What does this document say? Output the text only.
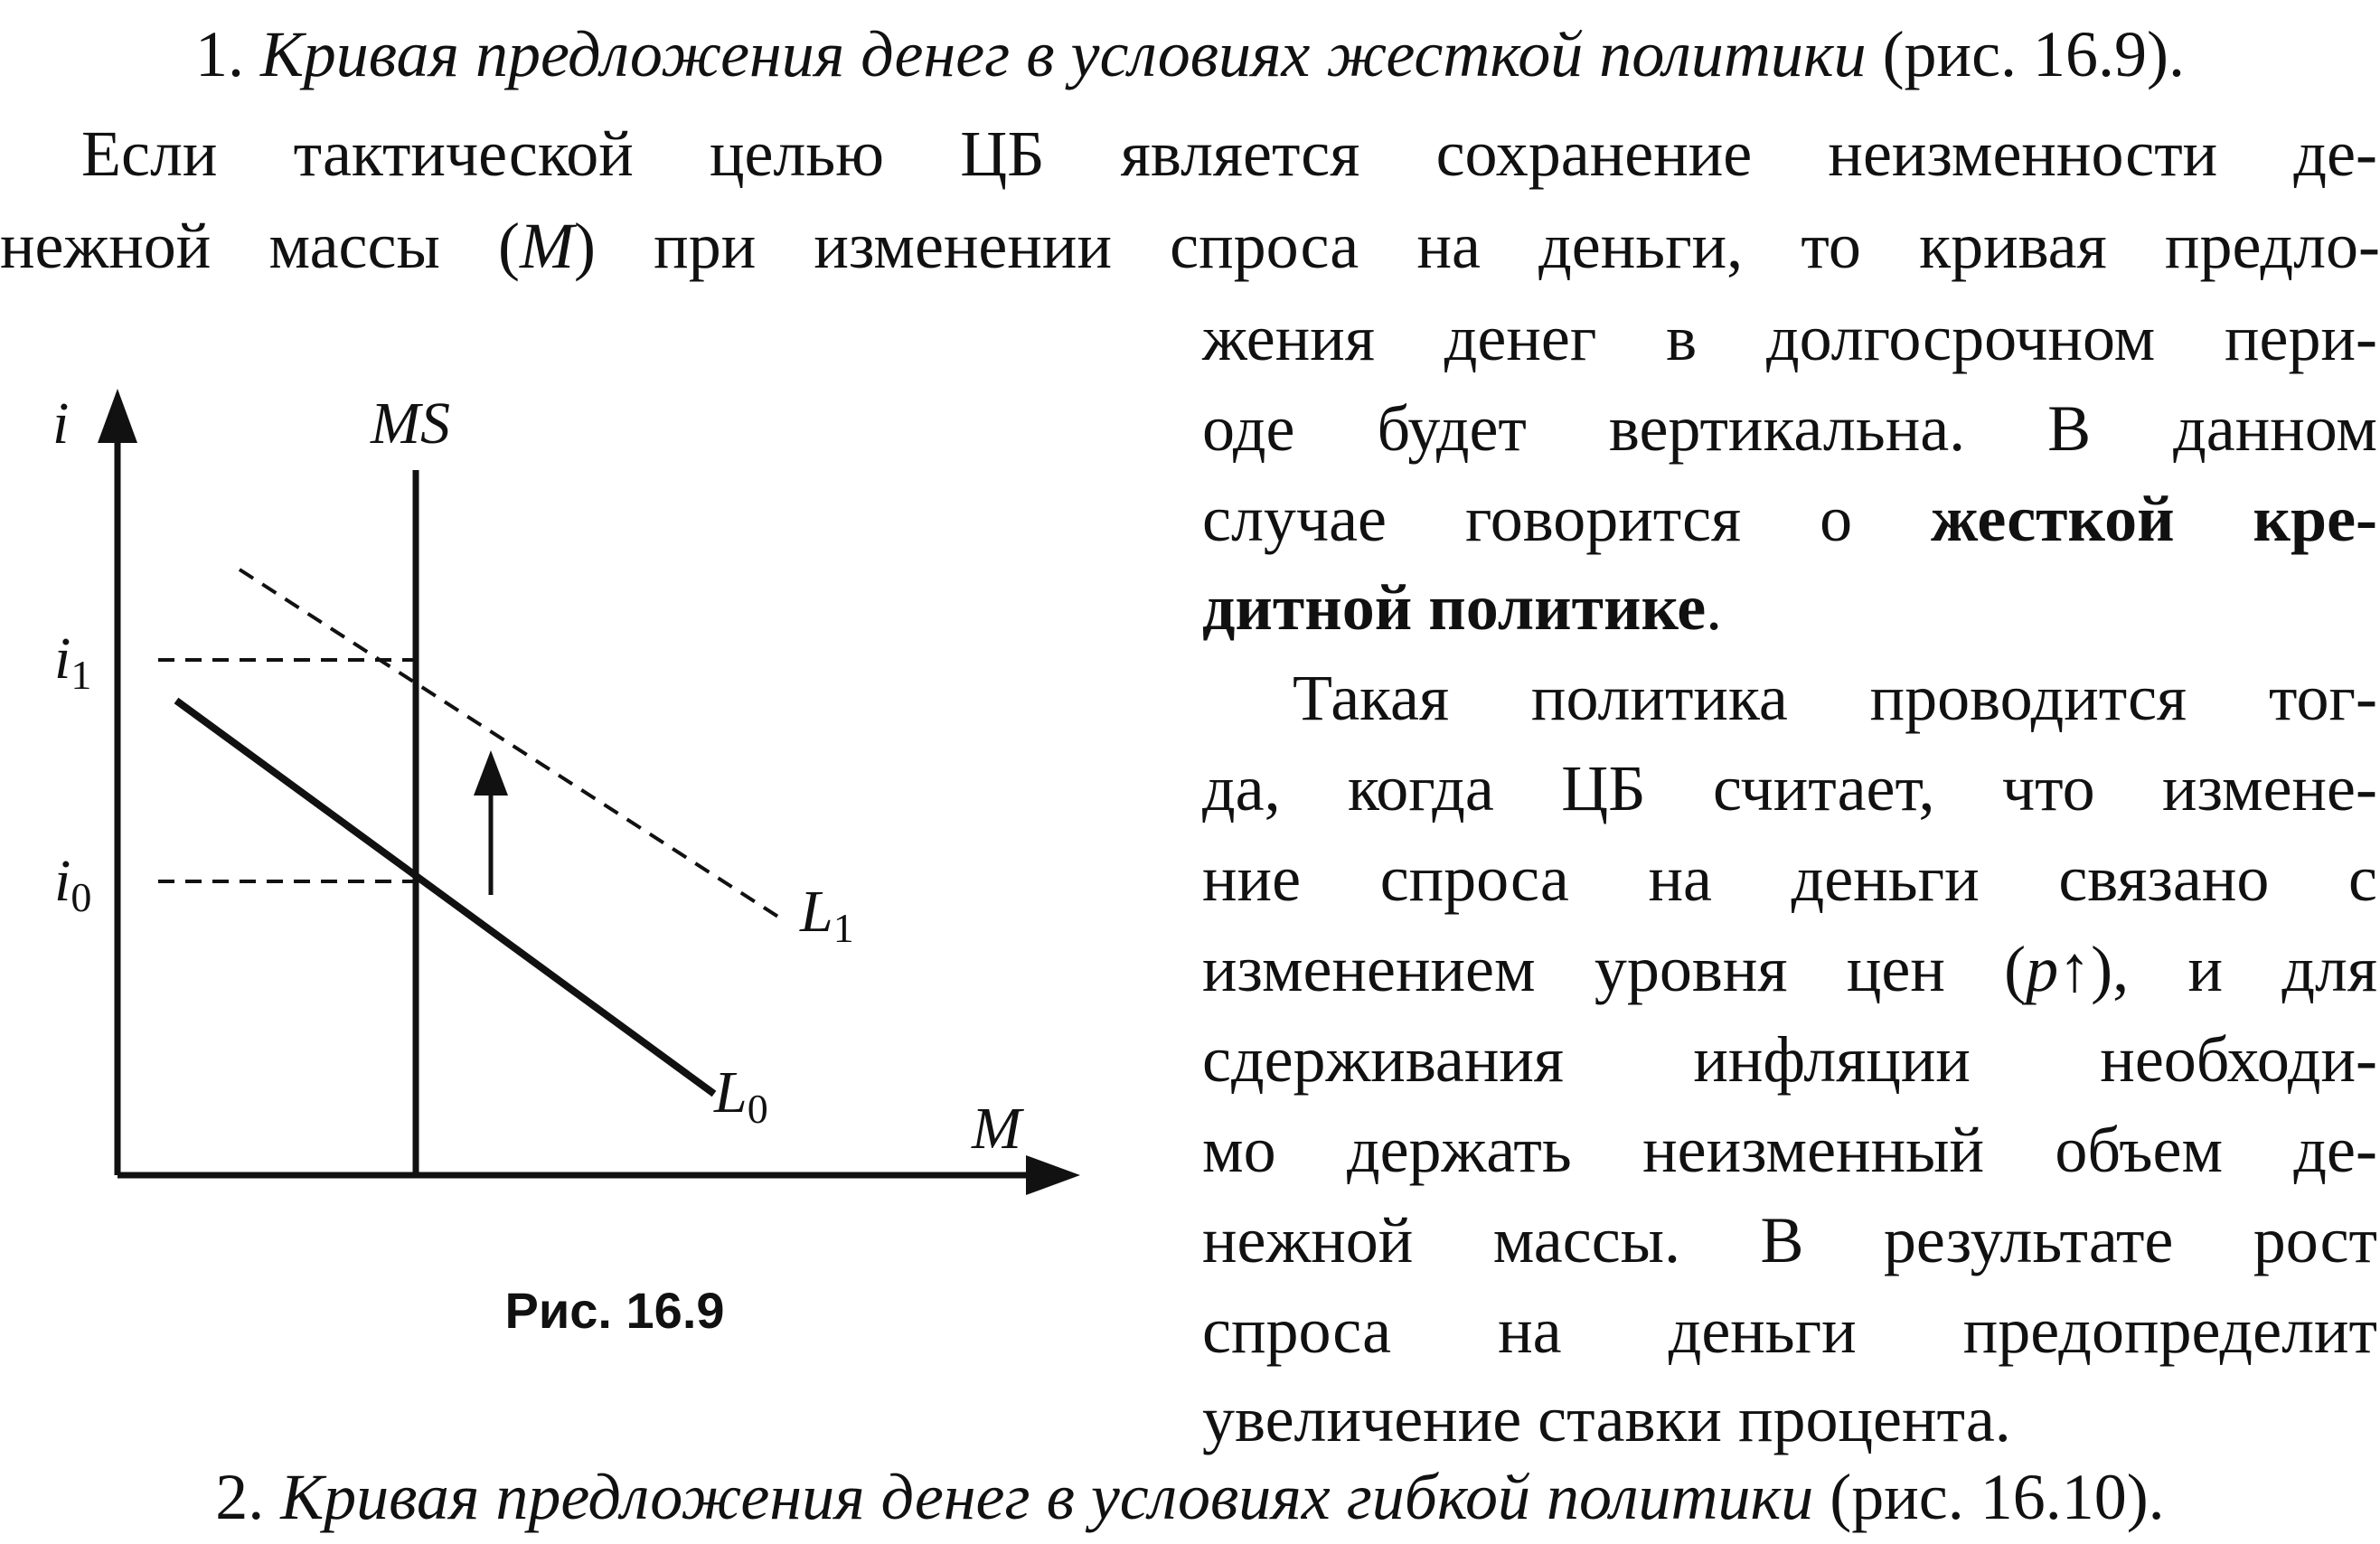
1. Кривая предложения денег в условиях жесткой политики (рис. 16.9).

Если тактической целью ЦБ является сохранение неизменности де-

нежной массы (М) при изменении спроса на деньги, то кривая предло-

жения денег в долгосрочном пери-

оде будет вертикальна. В данном

случае говорится о жесткой кре-

дитной политике.

Такая политика проводится тог-

да, когда ЦБ считает, что измене-

ние спроса на деньги связано с

изменением уровня цен (p↑), и для

сдерживания инфляции необходи-

мо держать неизменный объем де-

нежной массы. В результате рост

спроса на деньги предопределит

увеличение ставки процента.

2. Кривая предложения денег в условиях гибкой политики (рис. 16.10).

i	MS
M
i1
i0
L0
L1

Рис. 16.9
